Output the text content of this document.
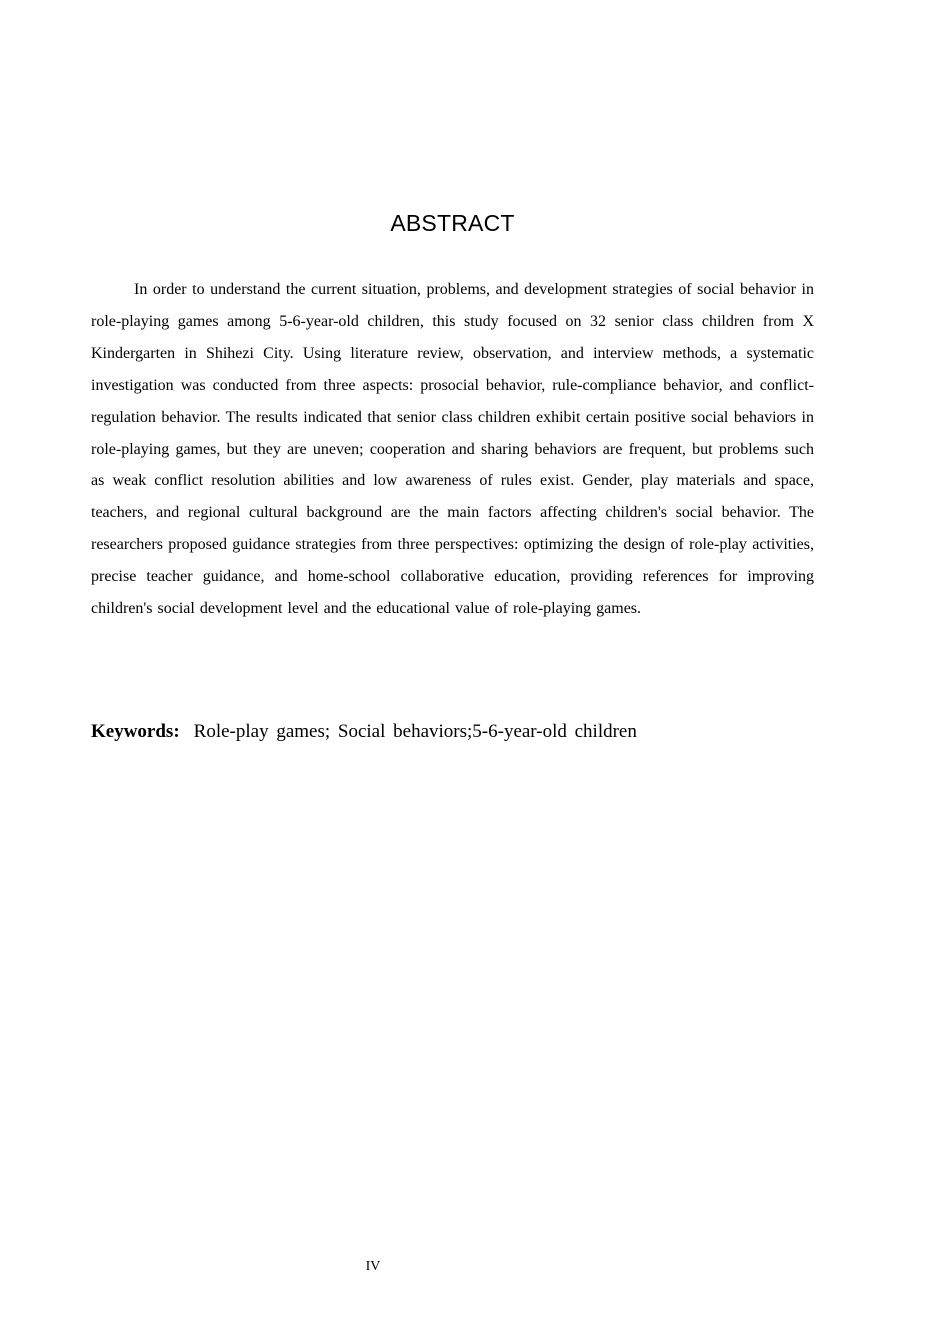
ABSTRACT

In order to understand the current situation, problems, and development strategies of social behavior in role-playing games among 5-6-year-old children, this study focused on 32 senior class children from X Kindergarten in Shihezi City. Using literature review, observation, and interview methods, a systematic investigation was conducted from three aspects: prosocial behavior, rule-compliance behavior, and conflict-regulation behavior. The results indicated that senior class children exhibit certain positive social behaviors in role-playing games, but they are uneven; cooperation and sharing behaviors are frequent, but problems such as weak conflict resolution abilities and low awareness of rules exist. Gender, play materials and space, teachers, and regional cultural background are the main factors affecting children's social behavior. The researchers proposed guidance strategies from three perspectives: optimizing the design of role-play activities, precise teacher guidance, and home-school collaborative education, providing references for improving children's social development level and the educational value of role-playing games.

Keywords: Role-play games; Social behaviors;5-6-year-old children

IV
